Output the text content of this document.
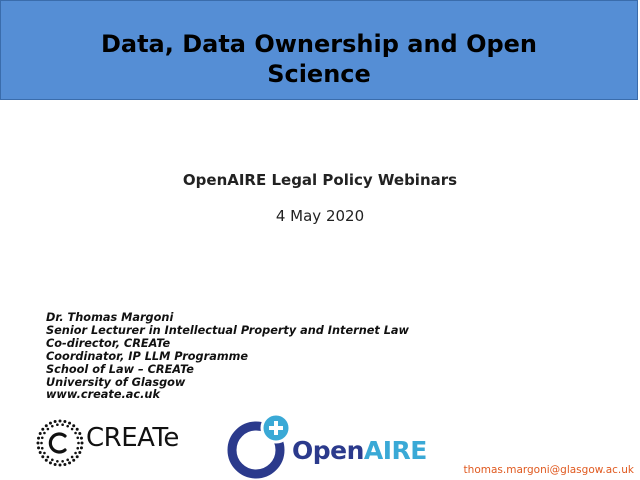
Data, Data Ownership and Open Science
OpenAIRE Legal Policy Webinars
4 May 2020
Dr. Thomas Margoni
Senior Lecturer in Intellectual Property and Internet Law
Co-director, CREATe
Coordinator, IP LLM Programme
School of Law – CREATe
University of Glasgow
www.create.ac.uk
CREATe	OpenAIRE
thomas.margoni@glasgow.ac.uk
